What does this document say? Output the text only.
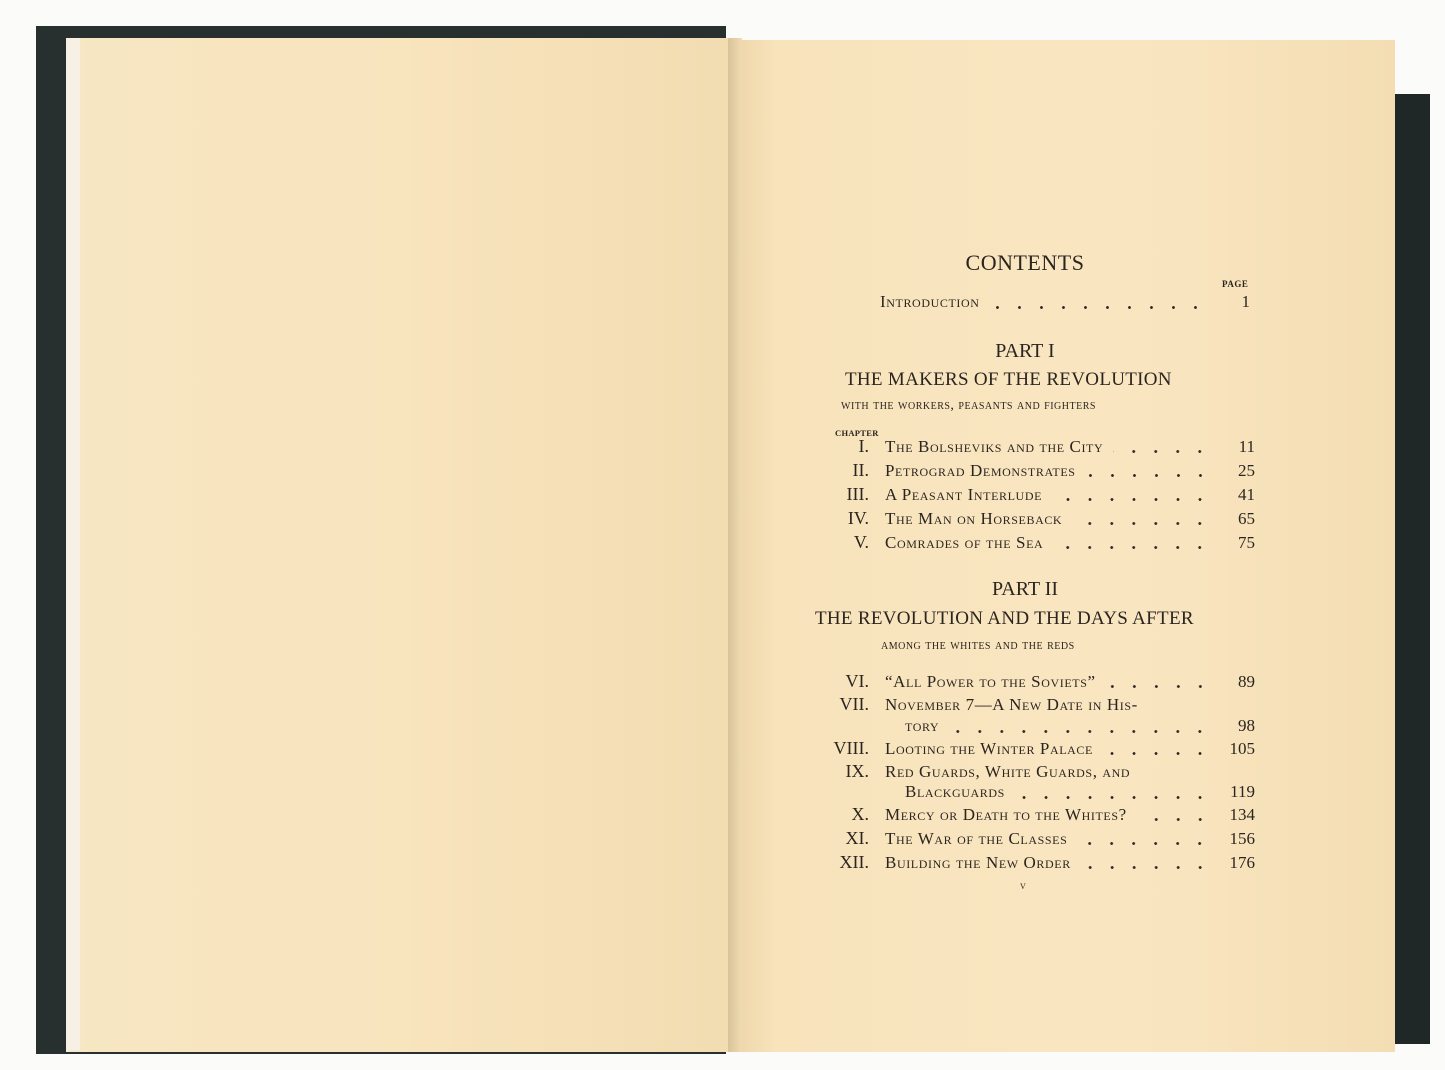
CONTENTS
PAGE
Introduction	1
PART I
THE MAKERS OF THE REVOLUTION
with the workers, peasants and fighters
CHAPTER
PART II
THE REVOLUTION AND THE DAYS AFTER
among the whites and the reds
I. The Bolsheviks and the City	11
II. Petrograd Demonstrates	25
III. A Peasant Interlude	41
IV. The Man on Horseback	65
V. Comrades of the Sea	75
VI. “All Power to the Soviets”	89
VII. November 7—A New Date in His-
tory	98
VIII. Looting the Winter Palace	105
IX. Red Guards, White Guards, and
Blackguards	119
X. Mercy or Death to the Whites?	134
XI. The War of the Classes	156
XII. Building the New Order	176
v
